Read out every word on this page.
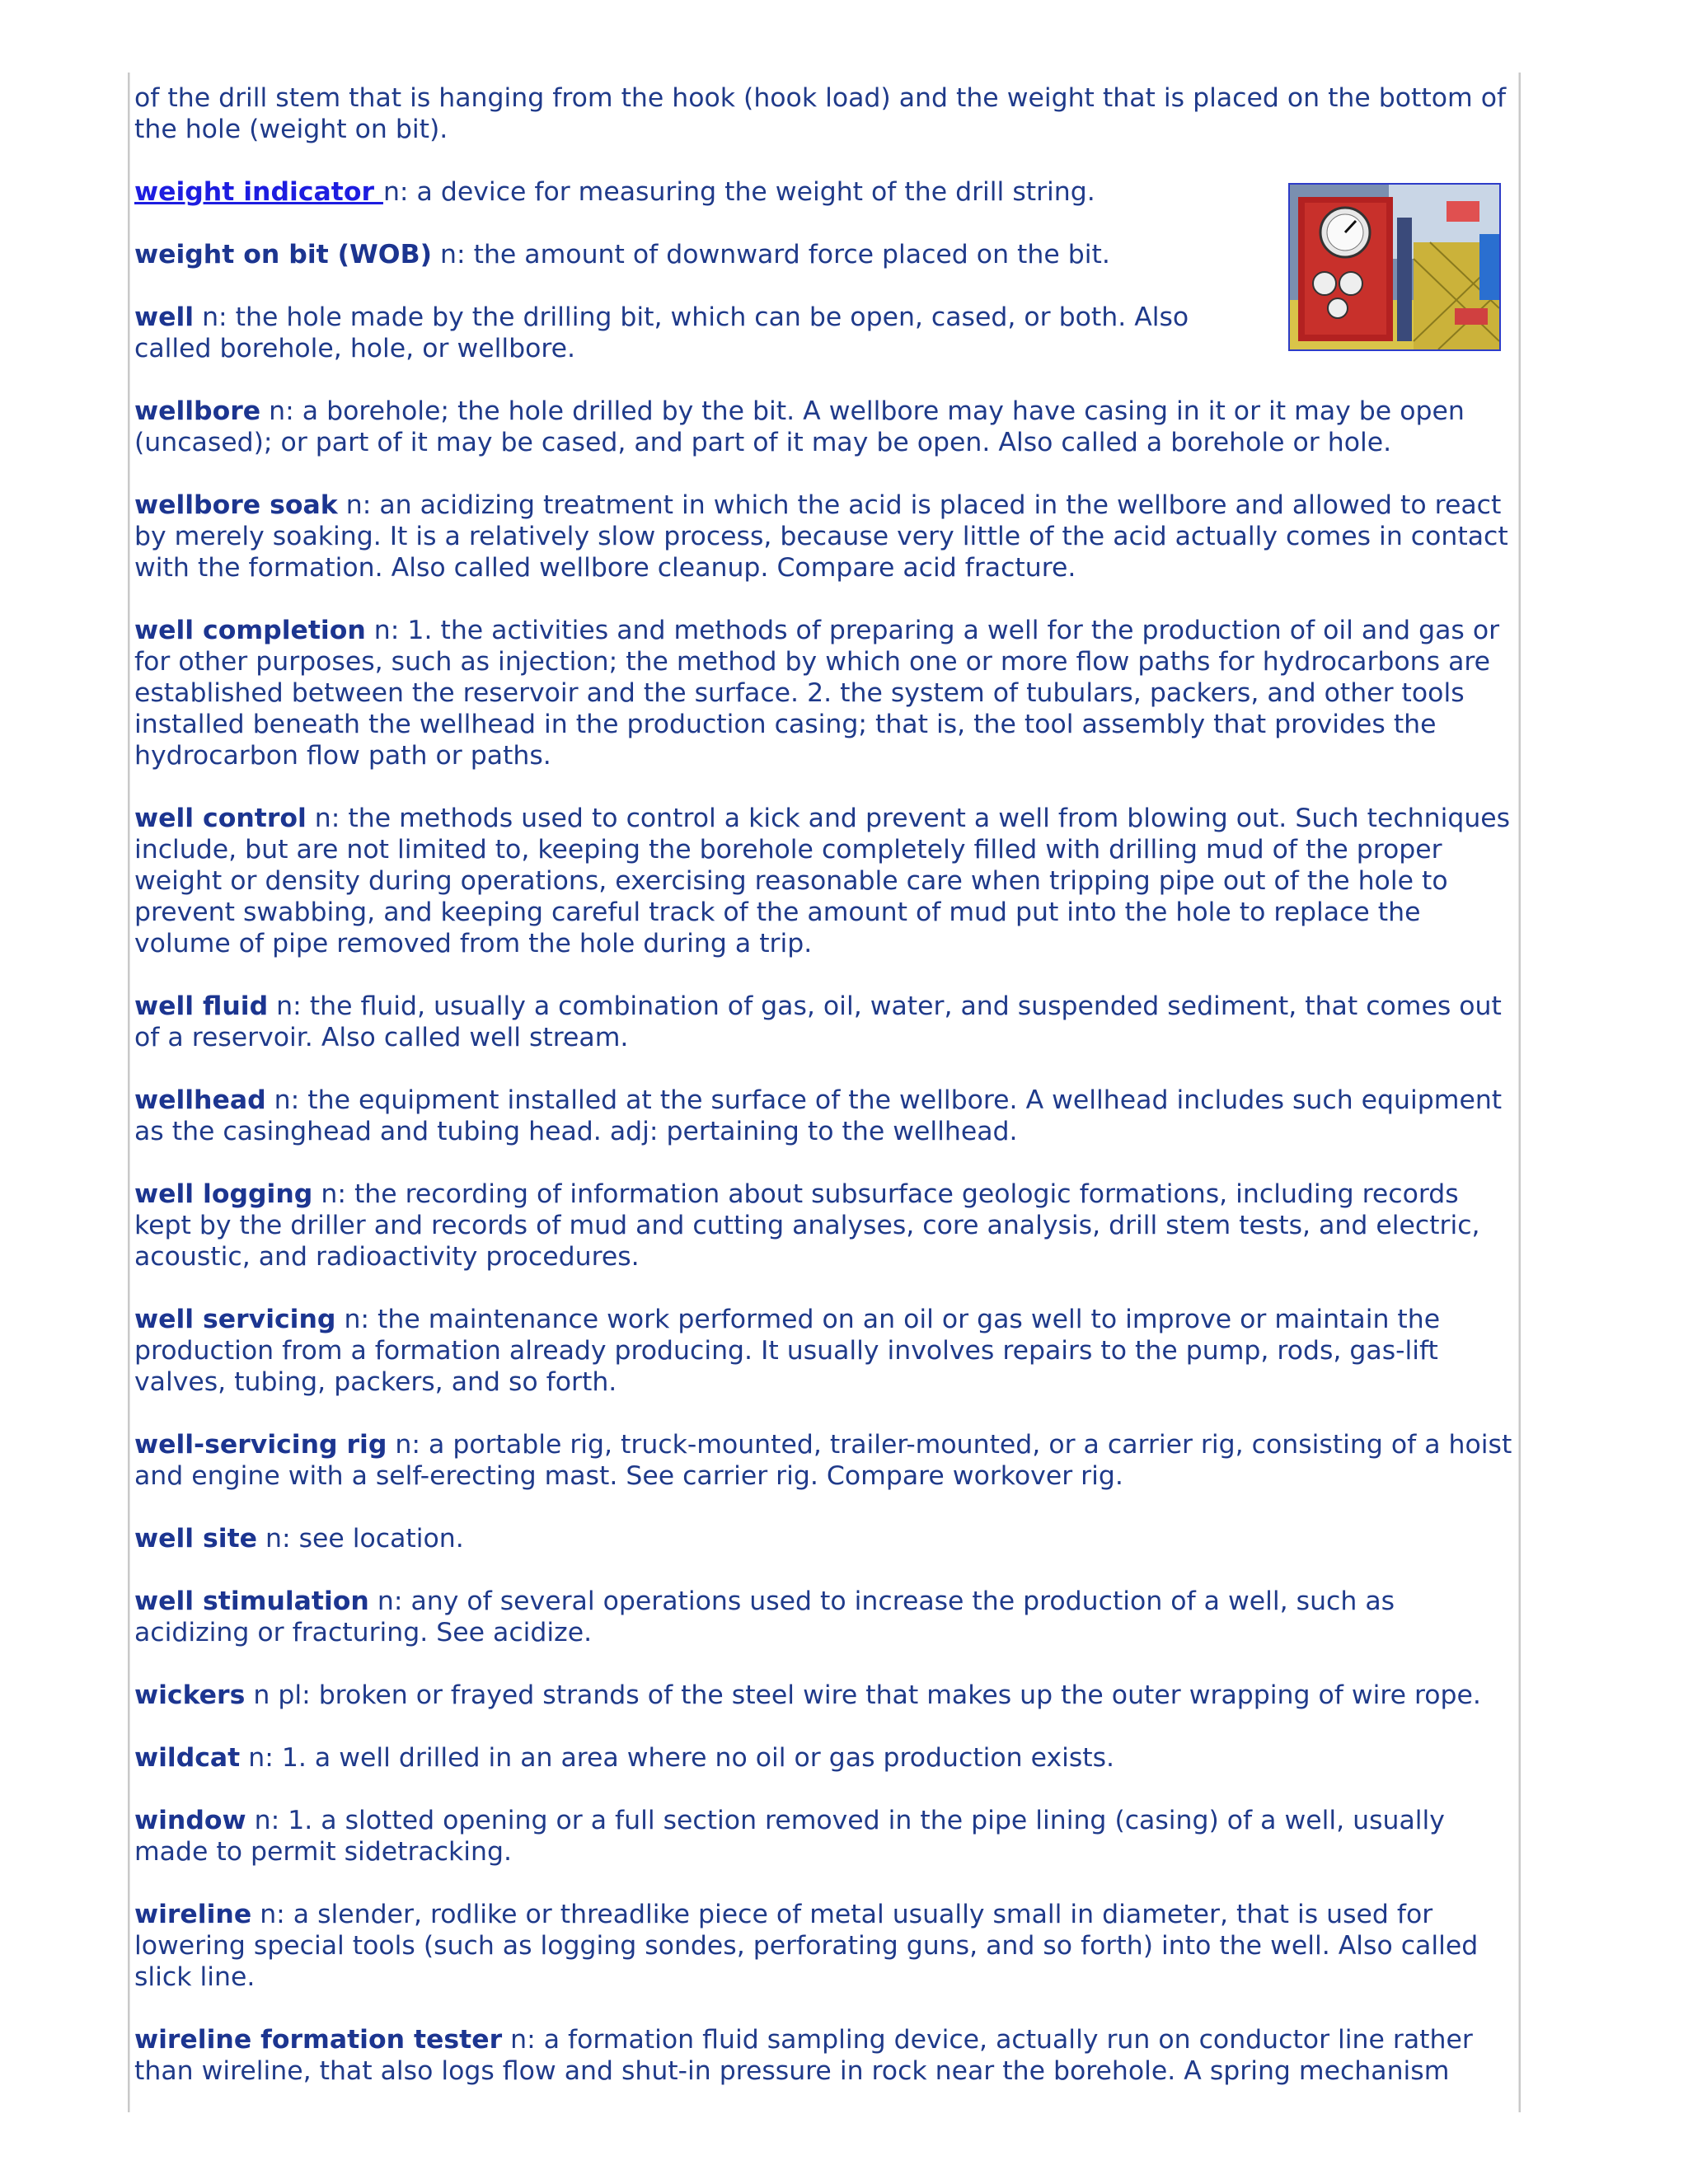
of the drill stem that is hanging from the hook (hook load) and the weight that is placed on the bottom of the hole (weight on bit).

weight indicator n: a device for measuring the weight of the drill string.

weight on bit (WOB) n: the amount of downward force placed on the bit.

well n: the hole made by the drilling bit, which can be open, cased, or both. Also called borehole, hole, or wellbore.

wellbore n: a borehole; the hole drilled by the bit. A wellbore may have casing in it or it may be open (uncased); or part of it may be cased, and part of it may be open. Also called a borehole or hole.

wellbore soak n: an acidizing treatment in which the acid is placed in the wellbore and allowed to react by merely soaking. It is a relatively slow process, because very little of the acid actually comes in contact with the formation. Also called wellbore cleanup. Compare acid fracture.

well completion n: 1. the activities and methods of preparing a well for the production of oil and gas or for other purposes, such as injection; the method by which one or more flow paths for hydrocarbons are established between the reservoir and the surface. 2. the system of tubulars, packers, and other tools installed beneath the wellhead in the production casing; that is, the tool assembly that provides the hydrocarbon flow path or paths.

well control n: the methods used to control a kick and prevent a well from blowing out. Such techniques include, but are not limited to, keeping the borehole completely filled with drilling mud of the proper weight or density during operations, exercising reasonable care when tripping pipe out of the hole to prevent swabbing, and keeping careful track of the amount of mud put into the hole to replace the volume of pipe removed from the hole during a trip.

well fluid n: the fluid, usually a combination of gas, oil, water, and suspended sediment, that comes out of a reservoir. Also called well stream.

wellhead n: the equipment installed at the surface of the wellbore. A wellhead includes such equipment as the casinghead and tubing head. adj: pertaining to the wellhead.

well logging n: the recording of information about subsurface geologic formations, including records kept by the driller and records of mud and cutting analyses, core analysis, drill stem tests, and electric, acoustic, and radioactivity procedures.

well servicing n: the maintenance work performed on an oil or gas well to improve or maintain the production from a formation already producing. It usually involves repairs to the pump, rods, gas-lift valves, tubing, packers, and so forth.

well-servicing rig n: a portable rig, truck-mounted, trailer-mounted, or a carrier rig, consisting of a hoist and engine with a self-erecting mast. See carrier rig. Compare workover rig.

well site n: see location.

well stimulation n: any of several operations used to increase the production of a well, such as acidizing or fracturing. See acidize.

wickers n pl: broken or frayed strands of the steel wire that makes up the outer wrapping of wire rope.

wildcat n: 1. a well drilled in an area where no oil or gas production exists.

window n: 1. a slotted opening or a full section removed in the pipe lining (casing) of a well, usually made to permit sidetracking.

wireline n: a slender, rodlike or threadlike piece of metal usually small in diameter, that is used for lowering special tools (such as logging sondes, perforating guns, and so forth) into the well. Also called slick line.

wireline formation tester n: a formation fluid sampling device, actually run on conductor line rather than wireline, that also logs flow and shut-in pressure in rock near the borehole. A spring mechanism
